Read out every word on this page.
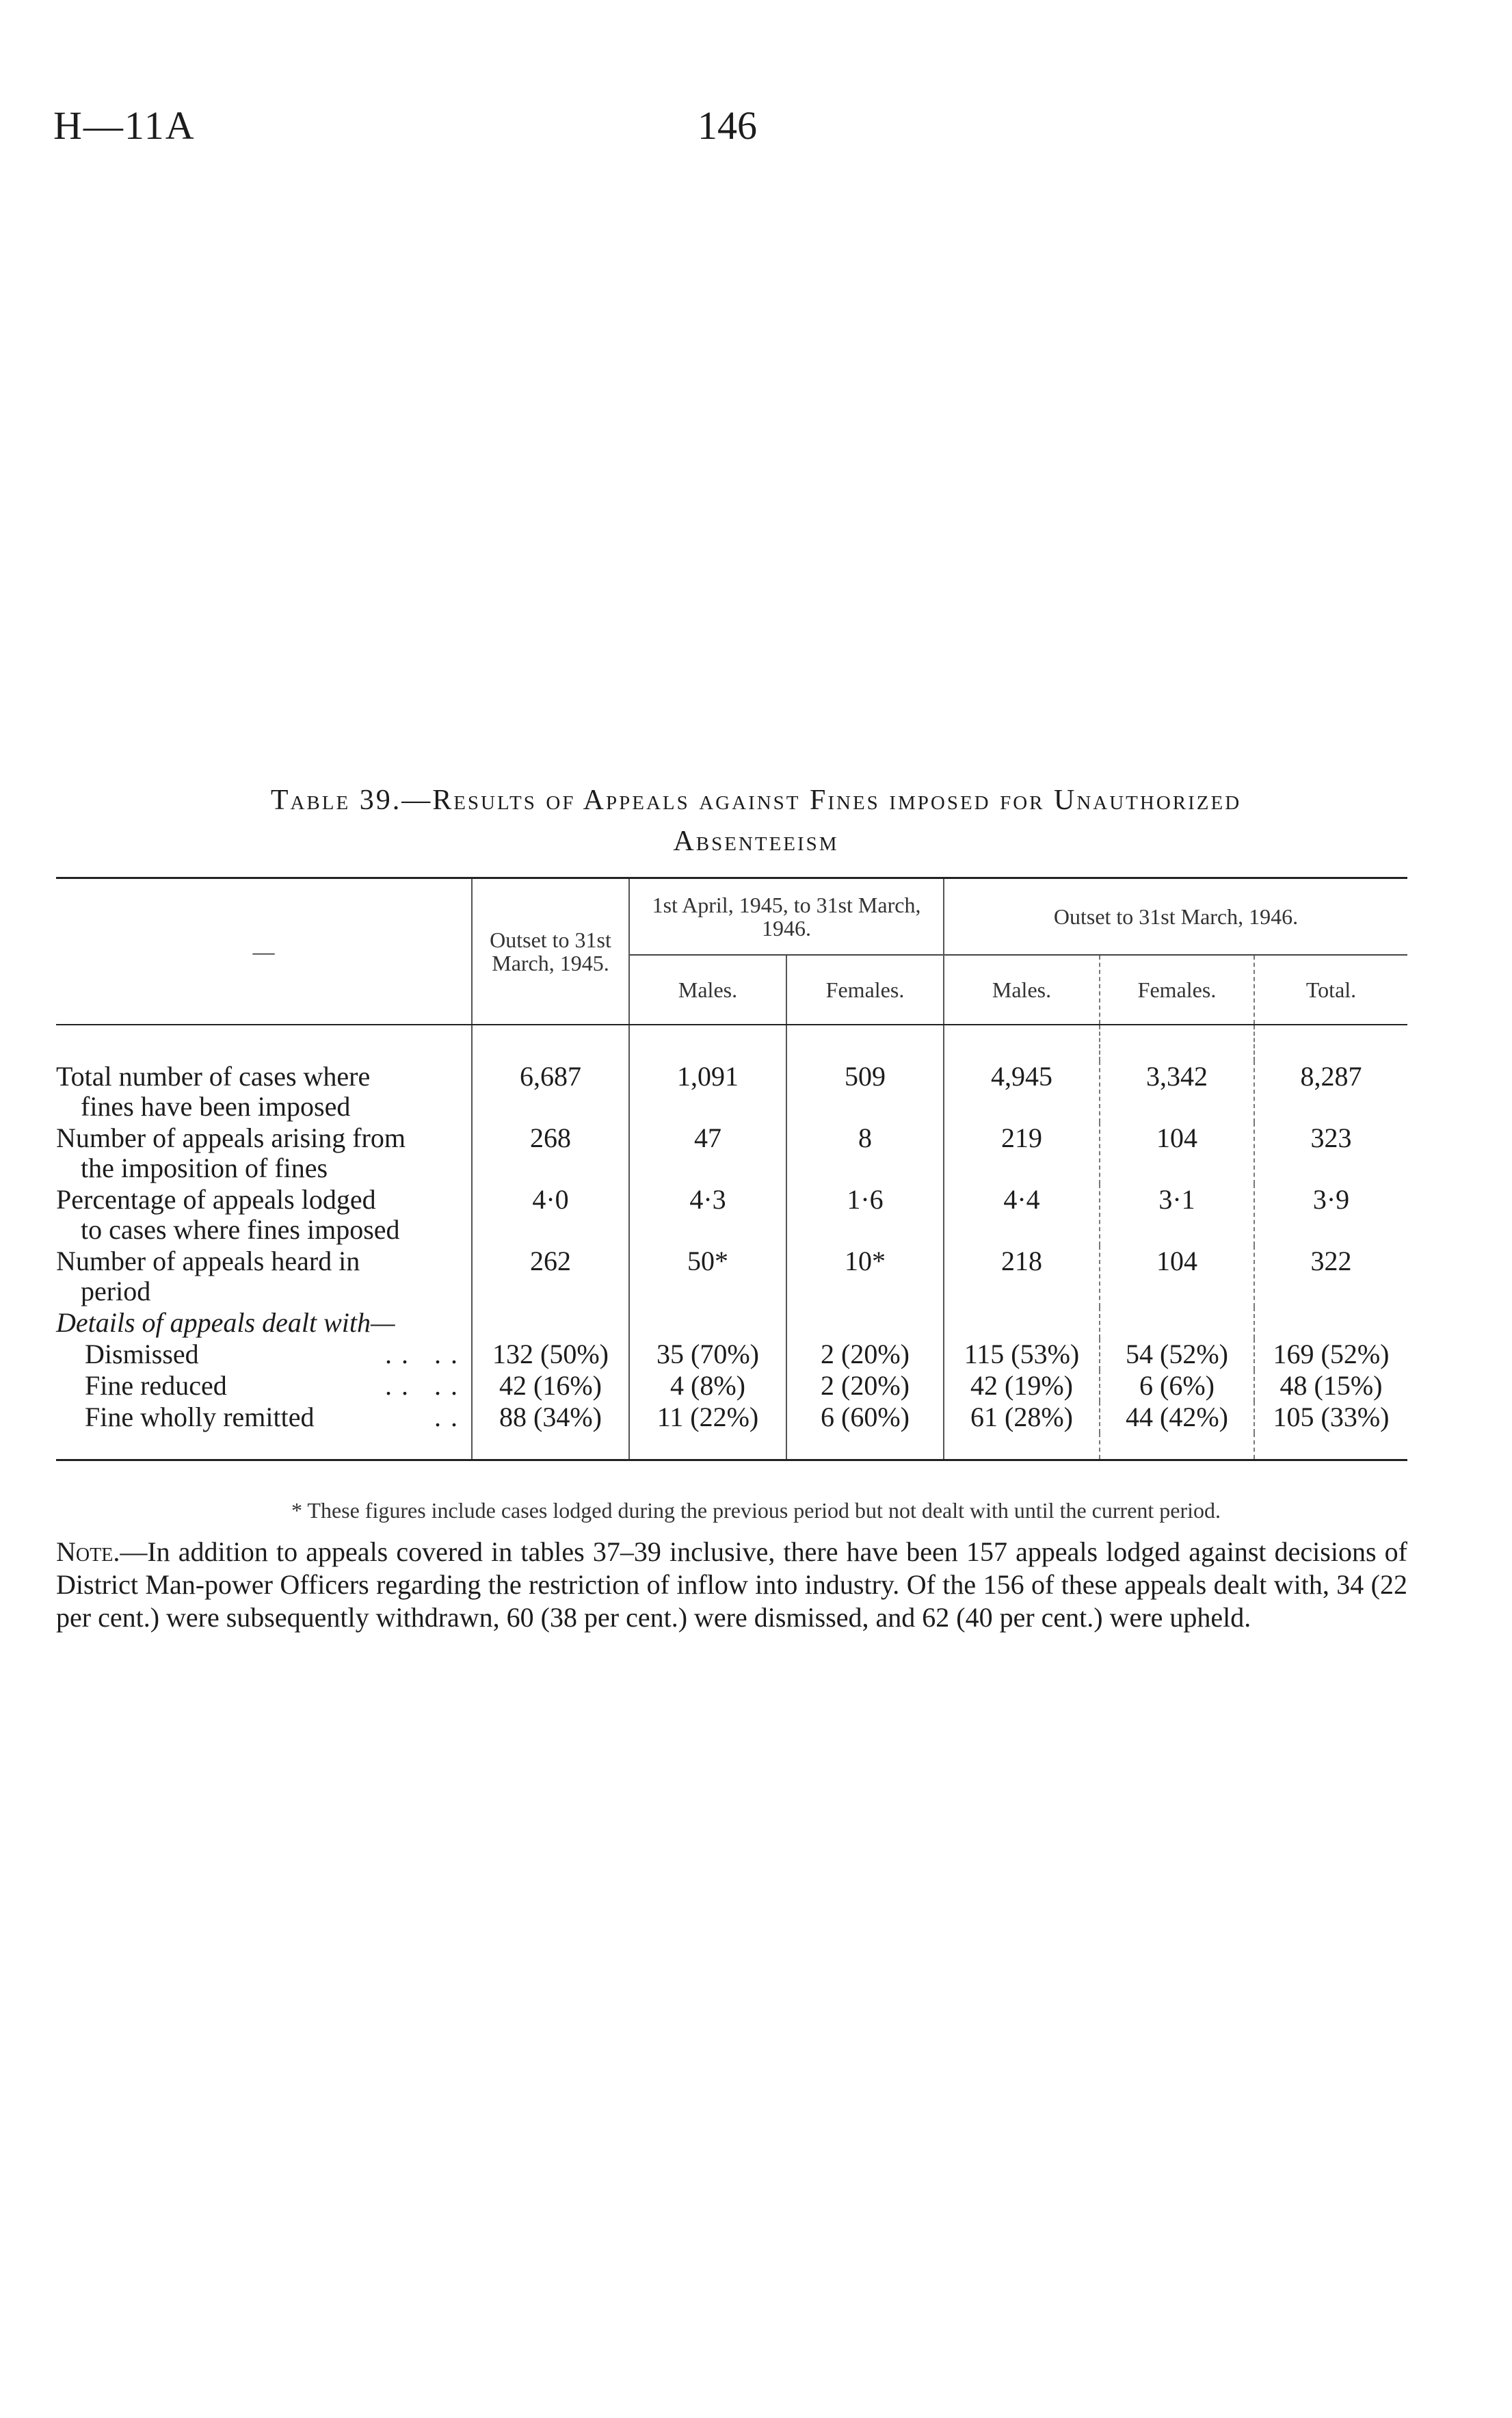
H—11A	146
Table 39.—Results of Appeals against Fines imposed for Unauthorized
Absenteeism
—	Outset to 31st March, 1945.	1st April, 1945, to 31st March, 1946.		Outset to 31st March, 1946.		
		Males.	Females.	Males.	Females.	Total.

Total number of cases where
fines have been imposed	6,687	1,091	509	4,945	3,342	8,287
Number of appeals arising from
the imposition of fines	268	47	8	219	104	323
Percentage of appeals lodged
to cases where fines imposed	4·0	4·3	1·6	4·4	3·1	3·9
Number of appeals heard in
period	262	50*	10*	218	104	322
Details of appeals dealt with—						

Dismissed .. ..	132 (50%)	35 (70%)	2 (20%)	115 (53%)	54 (52%)	169 (52%)

Fine reduced .. ..	42 (16%)	4 (8%)	2 (20%)	42 (19%)	6 (6%)	48 (15%)

Fine wholly remitted ..	88 (34%)	11 (22%)	6 (60%)	61 (28%)	44 (42%)	105 (33%)

* These figures include cases lodged during the previous period but not dealt with until the current period.
Note.—In addition to appeals covered in tables 37–39 inclusive, there have been 157 appeals lodged against decisions of District Man-power Officers regarding the restriction of inflow into industry. Of the 156 of these appeals dealt with, 34 (22 per cent.) were subsequently withdrawn, 60 (38 per cent.) were dismissed, and 62 (40 per cent.) were upheld.
